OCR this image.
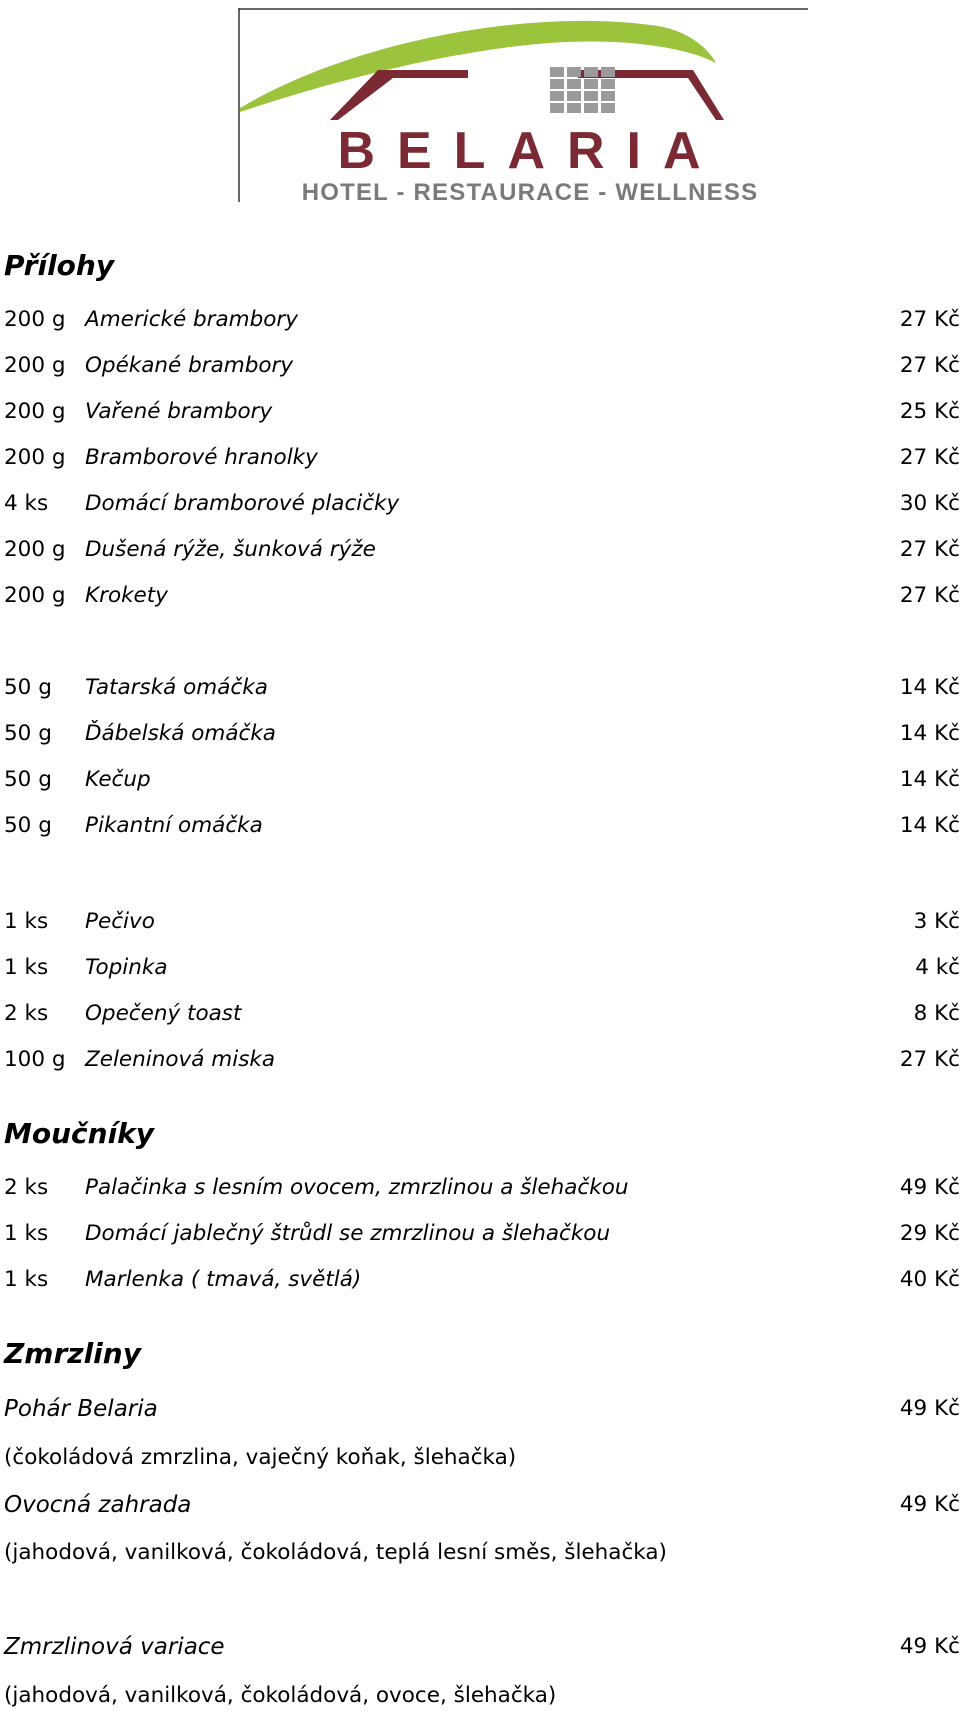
BELARIA
HOTEL - RESTAURACE - WELLNESS
Přílohy
200 g Americké brambory	27 Kč
200 g Opékané brambory	27 Kč
200 g Vařené brambory	25 Kč
200 g Bramborové hranolky	27 Kč
4 ks Domácí bramborové placičky	30 Kč
200 g Dušená rýže, šunková rýže	27 Kč
200 g Krokety	27 Kč
50 g Tatarská omáčka	14 Kč
50 g Ďábelská omáčka	14 Kč
50 g Kečup	14 Kč
50 g Pikantní omáčka	14 Kč
1 ks Pečivo	3 Kč
1 ks Topinka	4 kč
2 ks Opečený toast	8 Kč
100 g Zeleninová miska	27 Kč
Moučníky
2 ks Palačinka s lesním ovocem, zmrzlinou a šlehačkou	49 Kč
1 ks Domácí jablečný štrůdl se zmrzlinou a šlehačkou	29 Kč
1 ks Marlenka ( tmavá, světlá)	40 Kč
Zmrzliny
Pohár Belaria	49 Kč
(čokoládová zmrzlina, vaječný koňak, šlehačka)
Ovocná zahrada	49 Kč
(jahodová, vanilková, čokoládová, teplá lesní směs, šlehačka)
Zmrzlinová variace	49 Kč
(jahodová, vanilková, čokoládová, ovoce, šlehačka)
